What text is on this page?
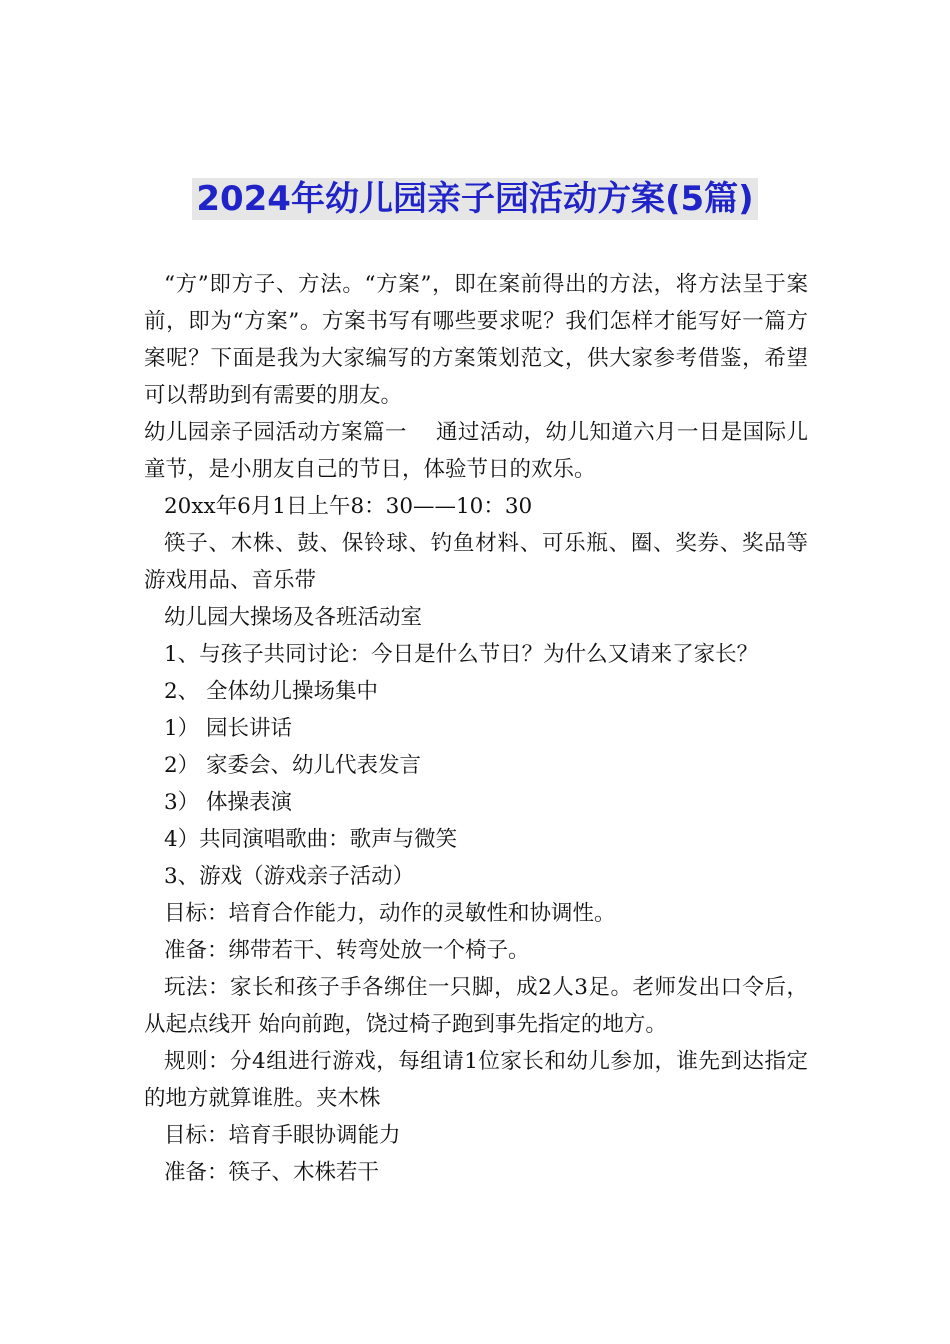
2024年幼儿园亲子园活动方案(5篇)

“方”即方子、方法。“方案”，即在案前得出的方法，将方法呈于案前，即为“方案”。方案书写有哪些要求呢？我们怎样才能写好一篇方案呢？下面是我为大家编写的方案策划范文，供大家参考借鉴，希望可以帮助到有需要的朋友。

幼儿园亲子园活动方案篇一　 通过活动，幼儿知道六月一日是国际儿童节，是小朋友自己的节日，体验节日的欢乐。

20xx年6月1日上午8：30——10：30

筷子、木株、鼓、保铃球、钓鱼材料、可乐瓶、圈、奖券、奖品等游戏用品、音乐带

幼儿园大操场及各班活动室

1、与孩子共同讨论：今日是什么节日？为什么又请来了家长？

2、 全体幼儿操场集中

1） 园长讲话

2） 家委会、幼儿代表发言

3） 体操表演

4）共同演唱歌曲：歌声与微笑

3、游戏（游戏亲子活动）

目标：培育合作能力，动作的灵敏性和协调性。

准备：绑带若干、转弯处放一个椅子。

玩法：家长和孩子手各绑住一只脚，成2人3足。老师发出口令后，从起点线开 始向前跑，饶过椅子跑到事先指定的地方。

规则：分4组进行游戏，每组请1位家长和幼儿参加，谁先到达指定的地方就算谁胜。夹木株

目标：培育手眼协调能力

准备：筷子、木株若干
